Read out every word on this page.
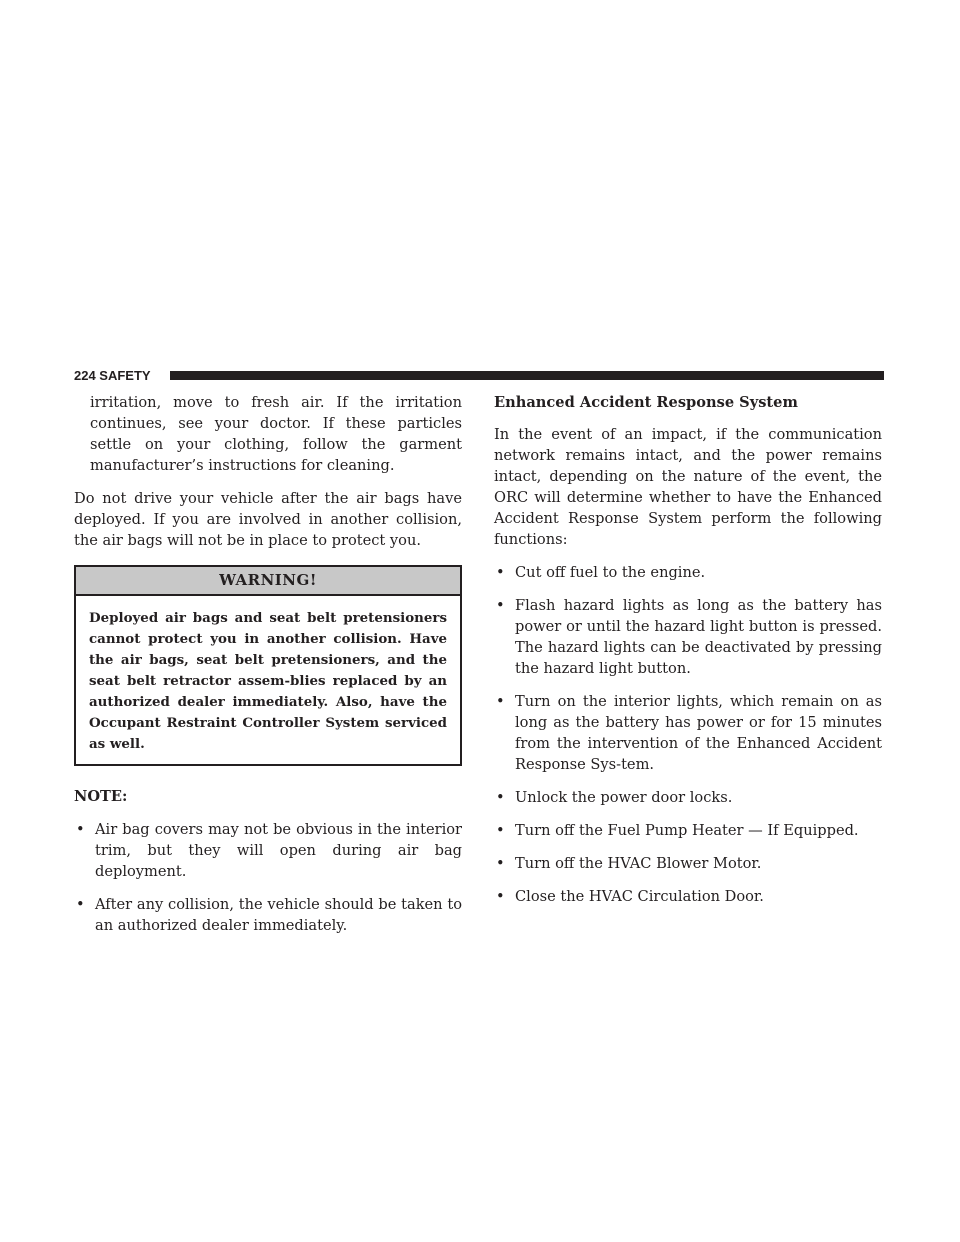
224 SAFETY

irritation, move to fresh air. If the irritation continues, see your doctor. If these particles settle on your clothing, follow the garment manufacturer’s instructions for cleaning.

Do not drive your vehicle after the air bags have deployed. If you are involved in another collision, the air bags will not be in place to protect you.

WARNING!
Deployed air bags and seat belt pretensioners cannot protect you in another collision. Have the air bags, seat belt pretensioners, and the seat belt retractor assem-blies replaced by an authorized dealer immediately. Also, have the Occupant Restraint Controller System serviced as well.
NOTE:
• Air bag covers may not be obvious in the interior trim, but they will open during air bag deployment.
• After any collision, the vehicle should be taken to an authorized dealer immediately.
Enhanced Accident Response System

In the event of an impact, if the communication network remains intact, and the power remains intact, depending on the nature of the event, the ORC will determine whether to have the Enhanced Accident Response System perform the following functions:

• Cut off fuel to the engine.
• Flash hazard lights as long as the battery has power or until the hazard light button is pressed. The hazard lights can be deactivated by pressing the hazard light button.
• Turn on the interior lights, which remain on as long as the battery has power or for 15 minutes from the intervention of the Enhanced Accident Response Sys-tem.
• Unlock the power door locks.
• Turn off the Fuel Pump Heater — If Equipped.
• Turn off the HVAC Blower Motor.
• Close the HVAC Circulation Door.
